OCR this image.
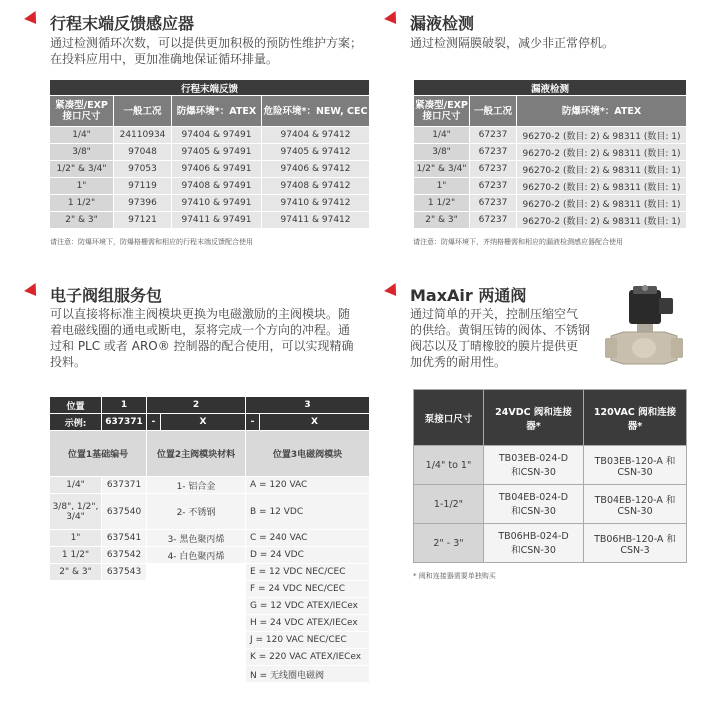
行程末端反馈感应器
通过检测循环次数，可以提供更加积极的预防性维护方案；在投料应用中，更加准确地保证循环排量。
行程末端反馈			
紧凑型/EXP 接口尺寸	一般工况	防爆环境*：ATEX	危险环境*：NEW, CEC
1/4"	24110934	97404 & 97491	97404 & 97412
3/8"	97048	97405 & 97491	97405 & 97412
1/2" & 3/4"	97053	97406 & 97491	97406 & 97412
1"	97119	97408 & 97491	97408 & 97412
1 1/2"	97396	97410 & 97491	97410 & 97412
2" & 3"	97121	97411 & 97491	97411 & 97412
请注意：防爆环境下，防爆格栅需和相应的行程末端反馈配合使用
漏液检测
通过检测隔膜破裂，减少非正常停机。
漏液检测		
紧凑型/EXP 接口尺寸	一般工况	防爆环境*：ATEX
1/4"	67237	96270-2 (数目: 2) & 98311 (数目: 1)
3/8"	67237	96270-2 (数目: 2) & 98311 (数目: 1)
1/2" & 3/4"	67237	96270-2 (数目: 2) & 98311 (数目: 1)
1"	67237	96270-2 (数目: 2) & 98311 (数目: 1)
1 1/2"	67237	96270-2 (数目: 2) & 98311 (数目: 1)
2" & 3"	67237	96270-2 (数目: 2) & 98311 (数目: 1)
请注意：防爆环境下，齐纳格栅需和相应的漏液检测感应器配合使用
电子阀组服务包
可以直接将标准主阀模块更换为电磁激励的主阀模块。随着电磁线圈的通电或断电，泵将完成一个方向的冲程。通过和 PLC 或者 ARO® 控制器的配合使用，可以实现精确投料。
位置	1	2		3	
示例:	637371	-	X	-	X
位置1基础编号		位置2主阀模块材料		位置3电磁阀模块	
1/4"	637371	1- 铝合金		A = 120 VAC	
3/8", 1/2", 3/4"	637540	2- 不锈钢		B = 12 VDC	
1"	637541	3- 黑色聚丙烯		C = 240 VAC	
1 1/2"	637542	4- 白色聚丙烯		D = 24 VDC	
2" & 3"	637543			E = 12 VDC NEC/CEC	
				F = 24 VDC NEC/CEC	
				G = 12 VDC ATEX/IECex	
				H = 24 VDC ATEX/IECex	
				J = 120 VAC NEC/CEC	
				K = 220 VAC ATEX/IECex	
				N = 无线圈电磁阀	
MaxAir 两通阀
通过简单的开关，控制压缩空气
的供给。黄铜压铸的阀体、不锈钢
阀芯以及丁晴橡胶的膜片提供更
加优秀的耐用性。
泵接口尺寸	24VDC 阀和连接器*	120VAC 阀和连接器*
1/4" to 1"	TB03EB-024-D 和CSN-30	TB03EB-120-A 和CSN-30
1-1/2"	TB04EB-024-D 和CSN-30	TB04EB-120-A 和CSN-30
2" - 3"	TB06HB-024-D 和CSN-30	TB06HB-120-A 和CSN-3
* 阀和连接器需要单独购买
